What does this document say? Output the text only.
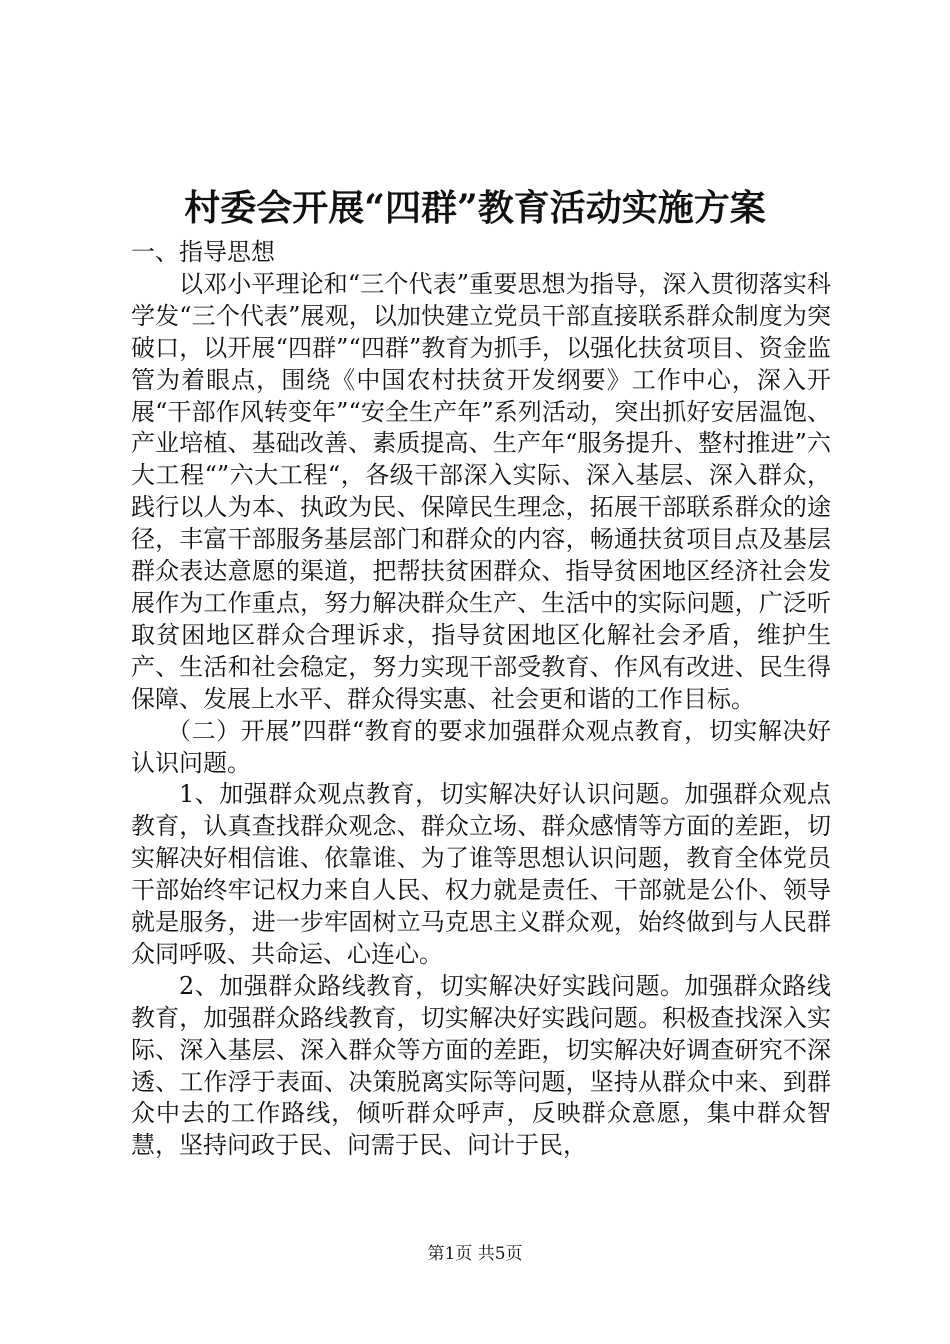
村委会开展“四群”教育活动实施方案

一、指导思想

以邓小平理论和“三个代表”重要思想为指导，深入贯彻落实科学发“三个代表”展观，以加快建立党员干部直接联系群众制度为突破口，以开展“四群”“四群”教育为抓手，以强化扶贫项目、资金监管为着眼点，围绕《中国农村扶贫开发纲要》工作中心，深入开展“干部作风转变年”“安全生产年”系列活动，突出抓好安居温饱、产业培植、基础改善、素质提高、生产年“服务提升、整村推进”六大工程“”六大工程“，各级干部深入实际、深入基层、深入群众，践行以人为本、执政为民、保障民生理念，拓展干部联系群众的途径，丰富干部服务基层部门和群众的内容，畅通扶贫项目点及基层群众表达意愿的渠道，把帮扶贫困群众、指导贫困地区经济社会发展作为工作重点，努力解决群众生产、生活中的实际问题，广泛听取贫困地区群众合理诉求，指导贫困地区化解社会矛盾，维护生产、生活和社会稳定，努力实现干部受教育、作风有改进、民生得保障、发展上水平、群众得实惠、社会更和谐的工作目标。

（二）开展”四群“教育的要求加强群众观点教育，切实解决好认识问题。

1、加强群众观点教育，切实解决好认识问题。加强群众观点教育，认真查找群众观念、群众立场、群众感情等方面的差距，切实解决好相信谁、依靠谁、为了谁等思想认识问题，教育全体党员干部始终牢记权力来自人民、权力就是责任、干部就是公仆、领导就是服务，进一步牢固树立马克思主义群众观，始终做到与人民群众同呼吸、共命运、心连心。

2、加强群众路线教育，切实解决好实践问题。加强群众路线教育，加强群众路线教育，切实解决好实践问题。积极查找深入实际、深入基层、深入群众等方面的差距，切实解决好调查研究不深透、工作浮于表面、决策脱离实际等问题，坚持从群众中来、到群众中去的工作路线，倾听群众呼声，反映群众意愿，集中群众智慧，坚持问政于民、问需于民、问计于民，

第1页 共5页
